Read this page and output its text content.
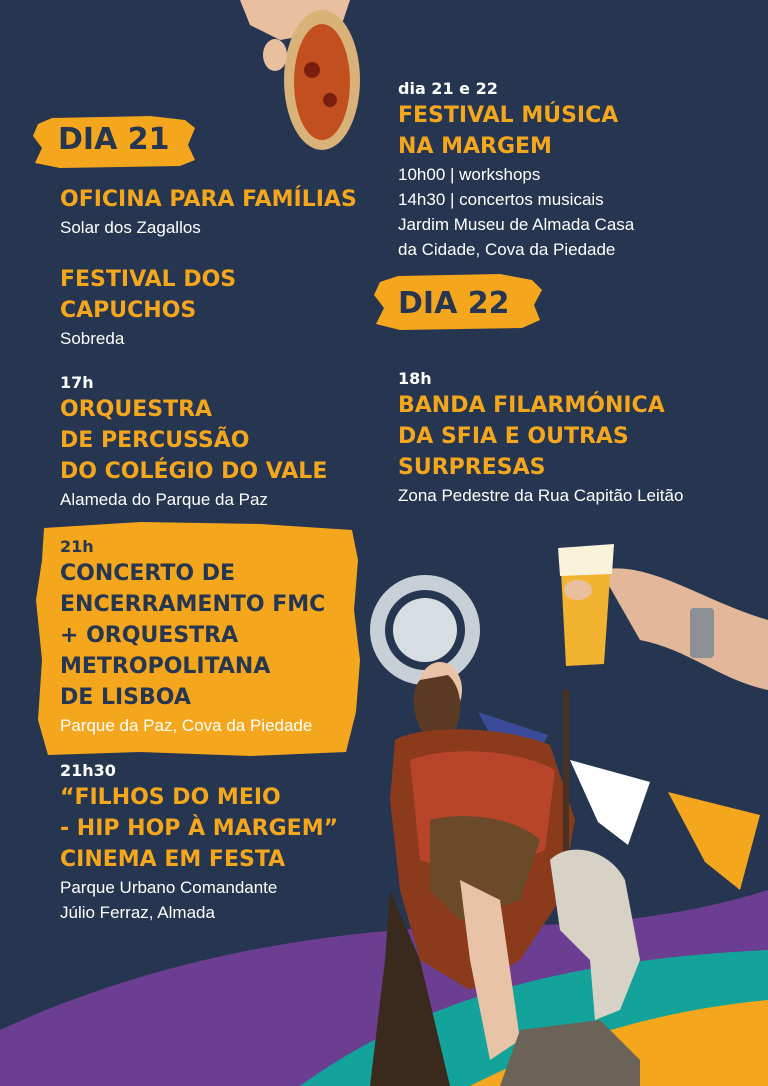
DIA 21

OFICINA PARA FAMÍLIAS

Solar dos Zagallos

FESTIVAL DOS
CAPUCHOS

Sobreda

17h

ORQUESTRA
DE PERCUSSÃO
DO COLÉGIO DO VALE

Alameda do Parque da Paz

21h

CONCERTO DE
ENCERRAMENTO FMC
+ ORQUESTRA
METROPOLITANA
DE LISBOA

Parque da Paz, Cova da Piedade

21h30

“FILHOS DO MEIO
- HIP HOP À MARGEM”
CINEMA EM FESTA

Parque Urbano Comandante
Júlio Ferraz, Almada

dia 21 e 22

FESTIVAL MÚSICA
NA MARGEM

10h00 | workshops
14h30 | concertos musicais
Jardim Museu de Almada Casa
da Cidade, Cova da Piedade

DIA 22

18h

BANDA FILARMÓNICA
DA SFIA E OUTRAS
SURPRESAS

Zona Pedestre da Rua Capitão Leitão
